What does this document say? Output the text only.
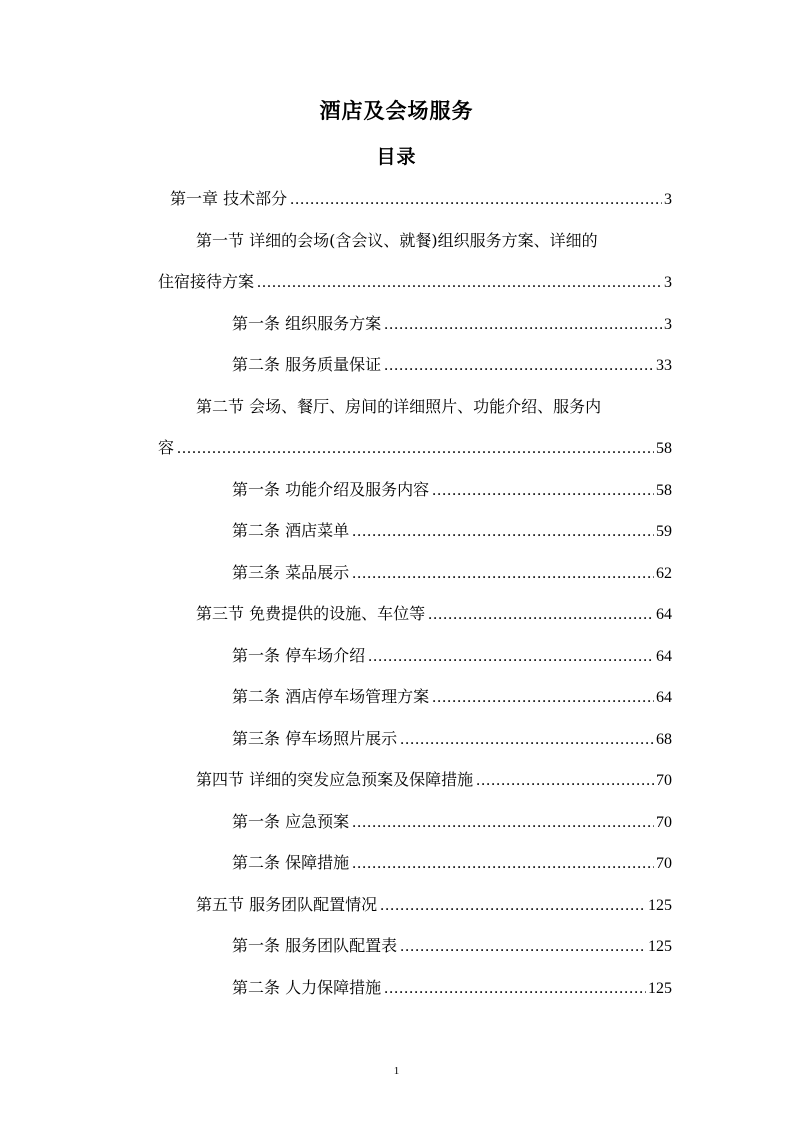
酒店及会场服务
目录
第一章 技术部分 .....	3
第一节 详细的会场(含会议、就餐)组织服务方案、详细的
住宿接待方案 .....	3
第一条 组织服务方案 .....	3
第二条 服务质量保证 .....	33
第二节 会场、餐厅、房间的详细照片、功能介绍、服务内
容 .....	58
第一条 功能介绍及服务内容 .....	58
第二条 酒店菜单 .....	59
第三条 菜品展示 .....	62
第三节 免费提供的设施、车位等 .....	64
第一条 停车场介绍 .....	64
第二条 酒店停车场管理方案 .....	64
第三条 停车场照片展示 .....	68
第四节 详细的突发应急预案及保障措施 .....	70
第一条 应急预案 .....	70
第二条 保障措施 .....	70
第五节 服务团队配置情况 .....	125
第一条 服务团队配置表 .....	125
第二条 人力保障措施 .....	125
1
